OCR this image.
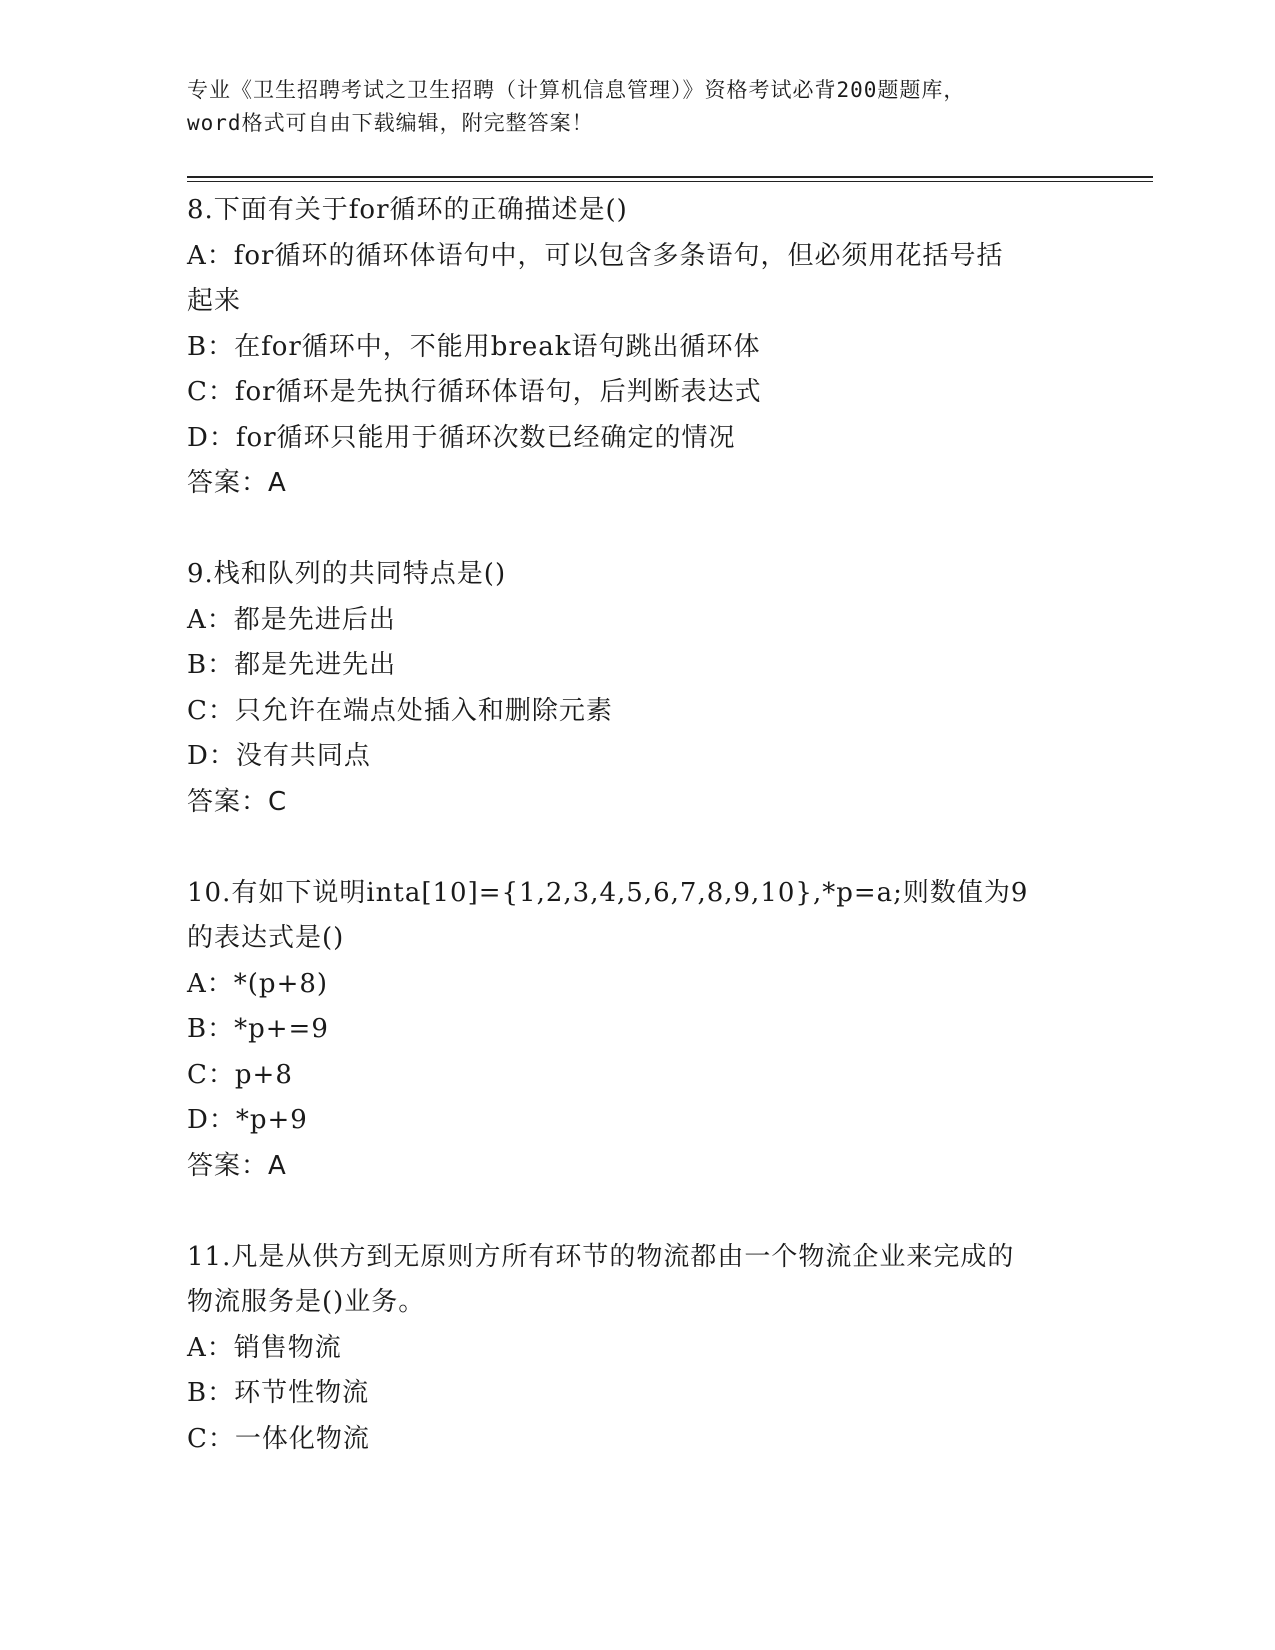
专业《卫生招聘考试之卫生招聘（计算机信息管理）》资格考试必背200题题库，
word格式可自由下载编辑，附完整答案！
8.下面有关于for循环的正确描述是()
A：for循环的循环体语句中，可以包含多条语句，但必须用花括号括
起来
B：在for循环中，不能用break语句跳出循环体
C：for循环是先执行循环体语句，后判断表达式
D：for循环只能用于循环次数已经确定的情况
答案：A
9.栈和队列的共同特点是()
A：都是先进后出
B：都是先进先出
C：只允许在端点处插入和删除元素
D：没有共同点
答案：C
10.有如下说明inta[10]={1,2,3,4,5,6,7,8,9,10},*p=a;则数值为9
的表达式是()
A：*(p+8)
B：*p+=9
C：p+8
D：*p+9
答案：A
11.凡是从供方到无原则方所有环节的物流都由一个物流企业来完成的
物流服务是()业务。
A：销售物流
B：环节性物流
C：一体化物流
